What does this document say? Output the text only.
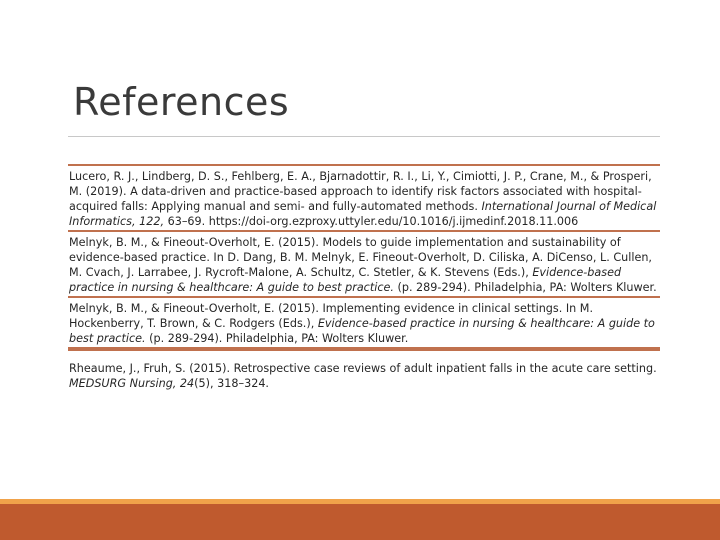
References
Lucero, R. J., Lindberg, D. S., Fehlberg, E. A., Bjarnadottir, R. I., Li, Y., Cimiotti, J. P., Crane, M., & Prosperi, M. (2019). A data-driven and practice-based approach to identify risk factors associated with hospital-acquired falls: Applying manual and semi- and fully-automated methods. International Journal of Medical Informatics, 122, 63–69. https://doi-org.ezproxy.uttyler.edu/10.1016/j.ijmedinf.2018.11.006
Melnyk, B. M., & Fineout-Overholt, E. (2015). Models to guide implementation and sustainability of evidence-based practice. In D. Dang, B. M. Melnyk, E. Fineout-Overholt, D. Ciliska, A. DiCenso, L. Cullen, M. Cvach, J. Larrabee, J. Rycroft-Malone, A. Schultz, C. Stetler, & K. Stevens (Eds.), Evidence-based practice in nursing & healthcare: A guide to best practice. (p. 289-294). Philadelphia, PA: Wolters Kluwer.
Melnyk, B. M., & Fineout-Overholt, E. (2015). Implementing evidence in clinical settings. In M. Hockenberry, T. Brown, & C. Rodgers (Eds.), Evidence-based practice in nursing & healthcare: A guide to best practice. (p. 289-294). Philadelphia, PA: Wolters Kluwer.
Rheaume, J., Fruh, S. (2015). Retrospective case reviews of adult inpatient falls in the acute care setting. MEDSURG Nursing, 24(5), 318–324.
